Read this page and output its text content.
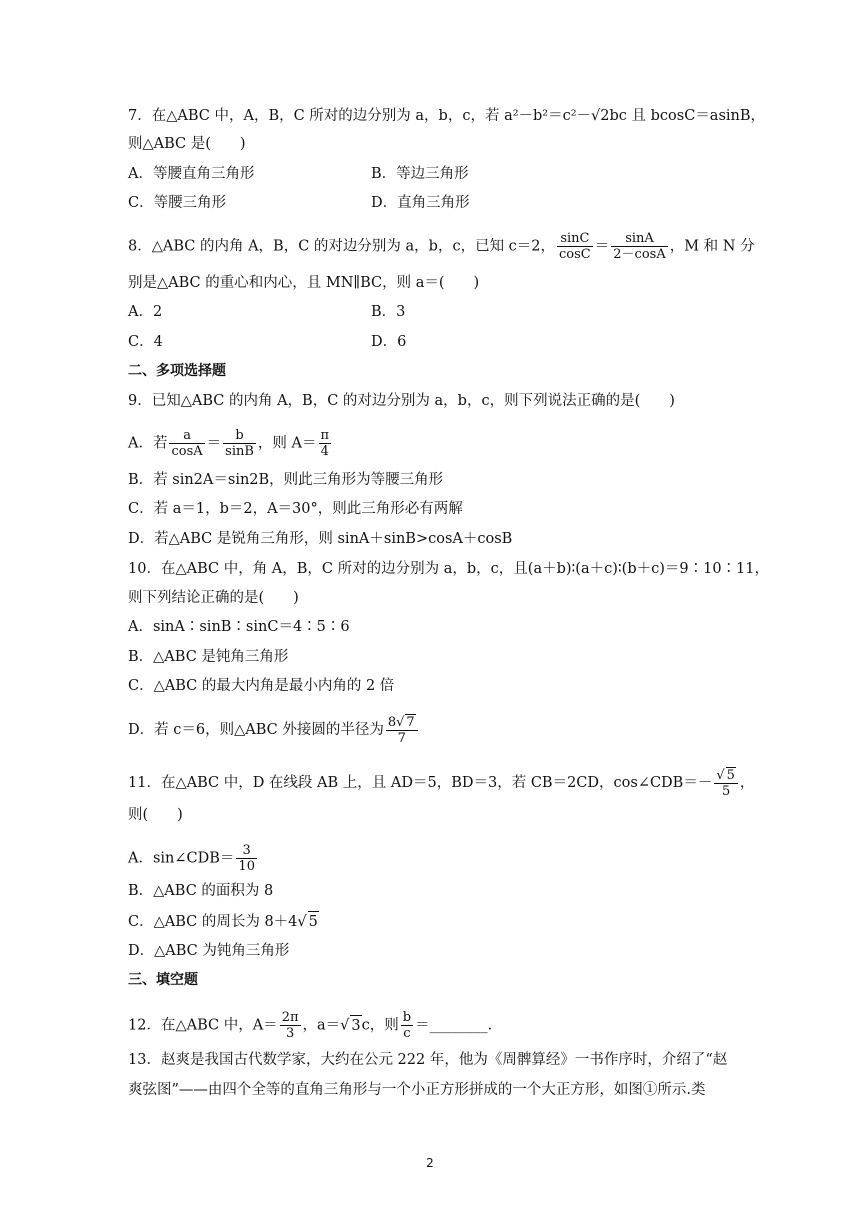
7．在△ABC 中，A，B，C 所对的边分别为 a，b，c，若 a²－b²＝c²－√2bc 且 bcosC＝asinB，
则△ABC 是(　　)
A．等腰直角三角形	B．等边三角形
C．等腰三角形	D．直角三角形
8．△ABC 的内角 A，B，C 的对边分别为 a，b，c，已知 c＝2， $\frac{\sin C}{\cos C} = \frac{\sin A}{2-\cos A}$ ，M 和 N 分
别是△ABC 的重心和内心，且 MN∥BC，则 a＝(　　)
A．2	B．3
C．4	D．6
二、多项选择题
9．已知△ABC 的内角 A，B，C 的对边分别为 a，b，c，则下列说法正确的是(　　)
A．若 $\frac{a}{\cos A} = \frac{b}{\sin B}$ ，则 $A= \frac{\pi}{4}$
B．若 sin2A＝sin2B，则此三角形为等腰三角形
C．若 a＝1，b＝2，A＝30°，则此三角形必有两解
D．若△ABC 是锐角三角形，则 sinA＋sinB>cosA＋cosB
10．在△ABC 中，角 A，B，C 所对的边分别为 a，b，c，且(a＋b)∶(a＋c)∶(b＋c)＝9∶10∶11，
则下列结论正确的是(　　)
A．sinA∶sinB∶sinC＝4∶5∶6
B．△ABC 是钝角三角形
C．△ABC 的最大内角是最小内角的 2 倍
D．若 c＝6，则△ABC 外接圆的半径为 $\frac{8√ 7}{7}$
11．在△ABC 中，D 在线段 AB 上，且 AD＝5，BD＝3，若 CB＝2CD，cos∠CDB＝－ $\frac{√ 5}{5}$ ，
则(　　)
A．sin∠CDB＝ $\frac{3}{10}$
B．△ABC 的面积为 8
C．△ABC 的周长为 8＋4√ 5
D．△ABC 为钝角三角形
三、填空题
12．在△ABC 中，$A= \frac{2\pi}{3}$ ，a＝√ 3c，则 $\frac{b}{c}$ ＝________.
13．赵爽是我国古代数学家，大约在公元 222 年，他为《周髀算经》一书作序时，介绍了“赵
爽弦图”——由四个全等的直角三角形与一个小正方形拼成的一个大正方形，如图①所示.类
2
